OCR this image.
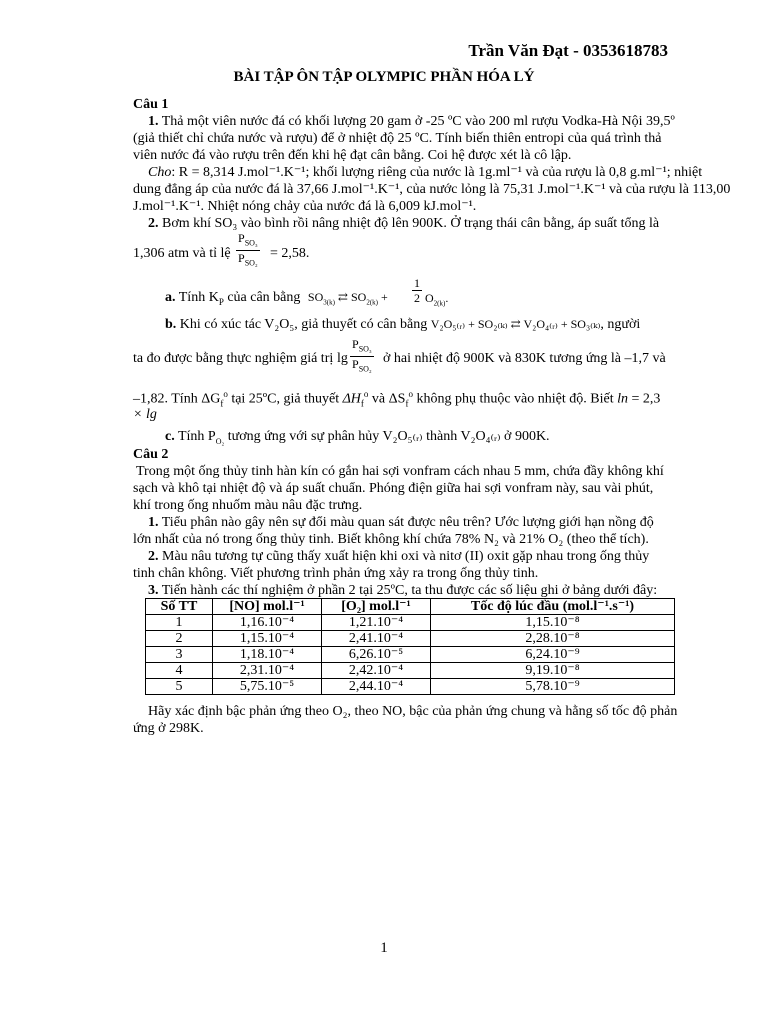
Trần Văn Đạt - 0353618783
BÀI TẬP ÔN TẬP OLYMPIC PHẦN HÓA LÝ
Câu 1
1. Thả một viên nước đá có khối lượng 20 gam ở -25 ºC vào 200 ml rượu Vodka-Hà Nội 39,5º
(giả thiết chỉ chứa nước và rượu) để ở nhiệt độ 25 ºC. Tính biến thiên entropi của quá trình thả
viên nước đá vào rượu trên đến khi hệ đạt cân bằng. Coi hệ được xét là cô lập.
Cho: R = 8,314 J.mol⁻¹.K⁻¹; khối lượng riêng của nước là 1g.ml⁻¹ và của rượu là 0,8 g.ml⁻¹; nhiệt
dung đẳng áp của nước đá là 37,66 J.mol⁻¹.K⁻¹, của nước lỏng là 75,31 J.mol⁻¹.K⁻¹ và của rượu là 113,00
J.mol⁻¹.K⁻¹. Nhiệt nóng chảy của nước đá là 6,009 kJ.mol⁻¹.
2. Bơm khí SO₃ vào bình rồi nâng nhiệt độ lên 900K. Ở trạng thái cân bằng, áp suất tổng là
1,306 atm và tỉ lệ
$P_{SO_3}$
$P_{SO_2}$
= 2,58.
a. Tính $K_P$ của cân bằng $SO_{3(k)}$ ⇄ $SO_{2(k)} + \frac{1}{2} O_{2(k)}$.
b. Khi có xúc tác V₂O₅, giả thuyết có cân bằng V₂O₅₍ᵣ₎ + SO₂₍ₖ₎ ⇄ V₂O₄₍ᵣ₎ + SO₃₍ₖ₎, người
ta đo được bằng thực nghiệm giá trị lg
$P_{SO_3}$
$P_{SO_2}$
ở hai nhiệt độ 900K và 830K tương ứng là –1,7 và
–1,82. Tính $\Delta G_f^o$ tại 25ºC, giả thuyết $\Delta H_f^o$ và $\Delta S_f^o$ không phụ thuộc vào nhiệt độ. Biết ln = 2,3
× lg
c. Tính $P_{O_2}$ tương ứng với sự phân hủy V₂O₅₍ᵣ₎ thành V₂O₄₍ᵣ₎ ở 900K.
Câu 2
Trong một ống thủy tinh hàn kín có gắn hai sợi vonfram cách nhau 5 mm, chứa đầy không khí
sạch và khô tại nhiệt độ và áp suất chuẩn. Phóng điện giữa hai sợi vonfram này, sau vài phút,
khí trong ống nhuốm màu nâu đặc trưng.
1. Tiểu phân nào gây nên sự đổi màu quan sát được nêu trên? Ước lượng giới hạn nồng độ
lớn nhất của nó trong ống thủy tinh. Biết không khí chứa 78% N₂ và 21% O₂ (theo thể tích).
2. Màu nâu tương tự cũng thấy xuất hiện khi oxi và nitơ (II) oxit gặp nhau trong ống thủy
tinh chân không. Viết phương trình phản ứng xảy ra trong ống thủy tinh.
3. Tiến hành các thí nghiệm ở phần 2 tại 25ºC, ta thu được các số liệu ghi ở bảng dưới đây:
Số TT	[NO] mol.l⁻¹	[O₂] mol.l⁻¹	Tốc độ lúc đầu (mol.l⁻¹.s⁻¹)
1	1,16.10⁻⁴	1,21.10⁻⁴	1,15.10⁻⁸
2	1,15.10⁻⁴	2,41.10⁻⁴	2,28.10⁻⁸
3	1,18.10⁻⁴	6,26.10⁻⁵	6,24.10⁻⁹
4	2,31.10⁻⁴	2,42.10⁻⁴	9,19.10⁻⁸
5	5,75.10⁻⁵	2,44.10⁻⁴	5,78.10⁻⁹
Hãy xác định bậc phản ứng theo O₂, theo NO, bậc của phản ứng chung và hằng số tốc độ phản
ứng ở 298K.
1
